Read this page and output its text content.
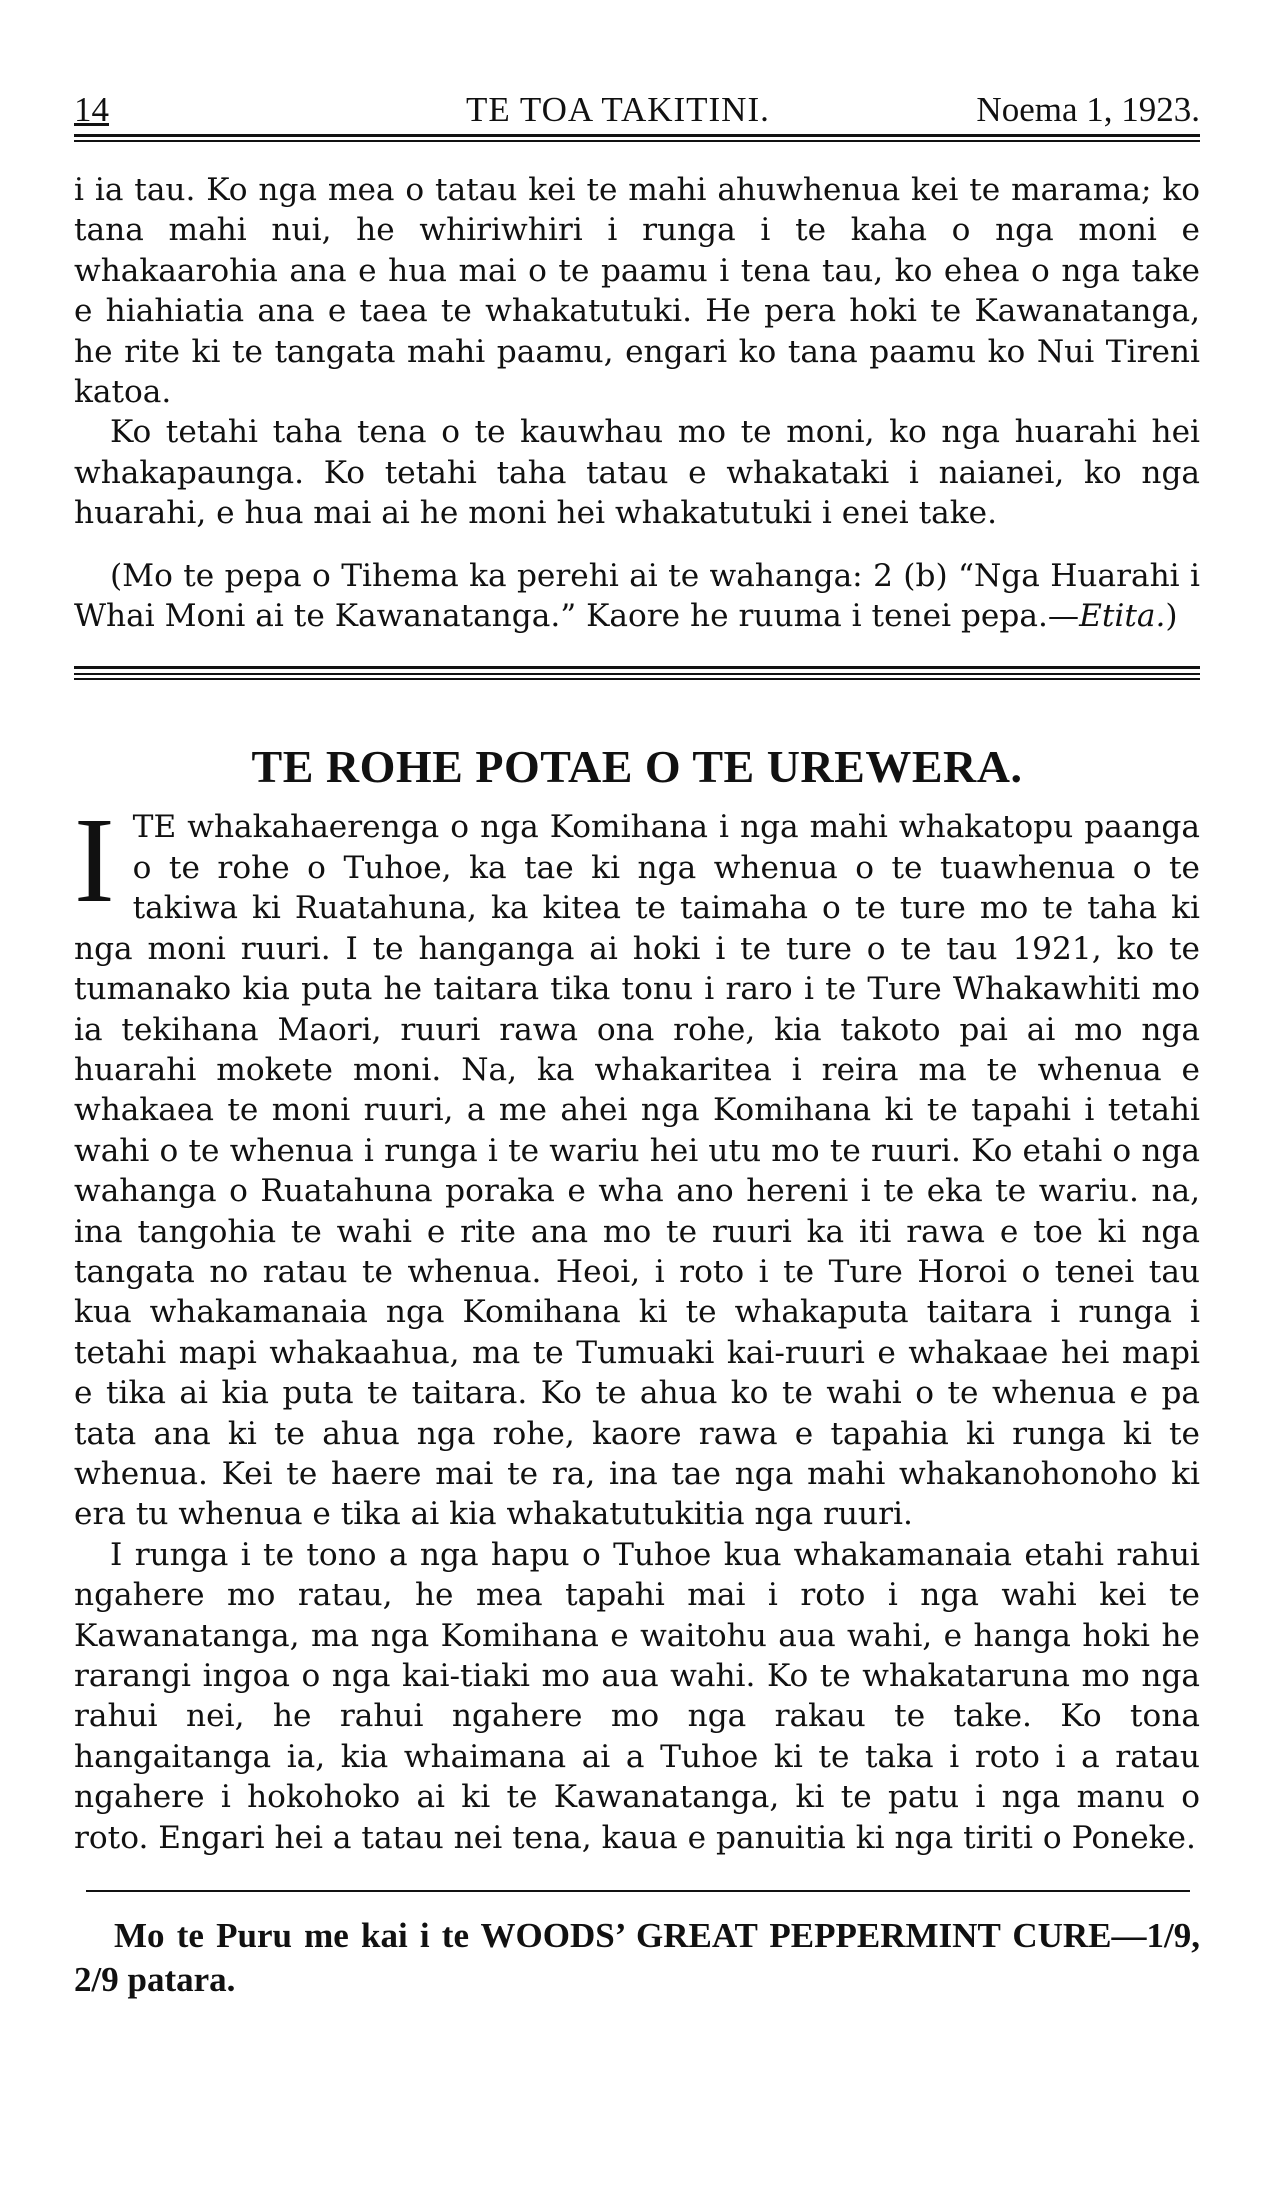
14	TE TOA TAKITINI.	Noema 1, 1923.

i ia tau. Ko nga mea o tatau kei te mahi ahuwhenua kei te marama; ko tana mahi nui, he whiriwhiri i runga i te kaha o nga moni e whakaarohia ana e hua mai o te paamu i tena tau, ko ehea o nga take e hiahiatia ana e taea te whakatutuki. He pera hoki te Kawanatanga, he rite ki te tangata mahi paamu, engari ko tana paamu ko Nui Tireni katoa.

Ko tetahi taha tena o te kauwhau mo te moni, ko nga huarahi hei whakapaunga. Ko tetahi taha tatau e whakataki i naianei, ko nga huarahi, e hua mai ai he moni hei whakatutuki i enei take.

(Mo te pepa o Tihema ka perehi ai te wahanga: 2 (b) “Nga Huarahi i Whai Moni ai te Kawanatanga.” Kaore he ruuma i tenei pepa.—Etita.)

TE ROHE POTAE O TE UREWERA.

ITE whakahaerenga o nga Komihana i nga mahi whakatopu paanga o te rohe o Tuhoe, ka tae ki nga whenua o te tuawhenua o te takiwa ki Ruatahuna, ka kitea te taimaha o te ture mo te taha ki nga moni ruuri. I te hanganga ai hoki i te ture o te tau 1921, ko te tumanako kia puta he taitara tika tonu i raro i te Ture Whakawhiti mo ia tekihana Maori, ruuri rawa ona rohe, kia takoto pai ai mo nga huarahi mokete moni. Na, ka whakaritea i reira ma te whenua e whakaea te moni ruuri, a me ahei nga Komihana ki te tapahi i tetahi wahi o te whenua i runga i te wariu hei utu mo te ruuri. Ko etahi o nga wahanga o Ruatahuna poraka e wha ano hereni i te eka te wariu. na, ina tangohia te wahi e rite ana mo te ruuri ka iti rawa e toe ki nga tangata no ratau te whenua. Heoi, i roto i te Ture Horoi o tenei tau kua whakamanaia nga Komihana ki te whakaputa taitara i runga i tetahi mapi whakaahua, ma te Tumuaki kai-ruuri e whakaae hei mapi e tika ai kia puta te taitara. Ko te ahua ko te wahi o te whenua e pa tata ana ki te ahua nga rohe, kaore rawa e tapahia ki runga ki te whenua. Kei te haere mai te ra, ina tae nga mahi whakanohonoho ki era tu whenua e tika ai kia whakatutukitia nga ruuri.

I runga i te tono a nga hapu o Tuhoe kua whakamanaia etahi rahui ngahere mo ratau, he mea tapahi mai i roto i nga wahi kei te Kawanatanga, ma nga Komihana e waitohu aua wahi, e hanga hoki he rarangi ingoa o nga kai-tiaki mo aua wahi. Ko te whakataruna mo nga rahui nei, he rahui ngahere mo nga rakau te take. Ko tona hangaitanga ia, kia whaimana ai a Tuhoe ki te taka i roto i a ratau ngahere i hokohoko ai ki te Kawanatanga, ki te patu i nga manu o roto. Engari hei a tatau nei tena, kaua e panuitia ki nga tiriti o Poneke.

Mo te Puru me kai i te WOODS’ GREAT PEPPERMINT CURE—1/9, 2/9 patara.
